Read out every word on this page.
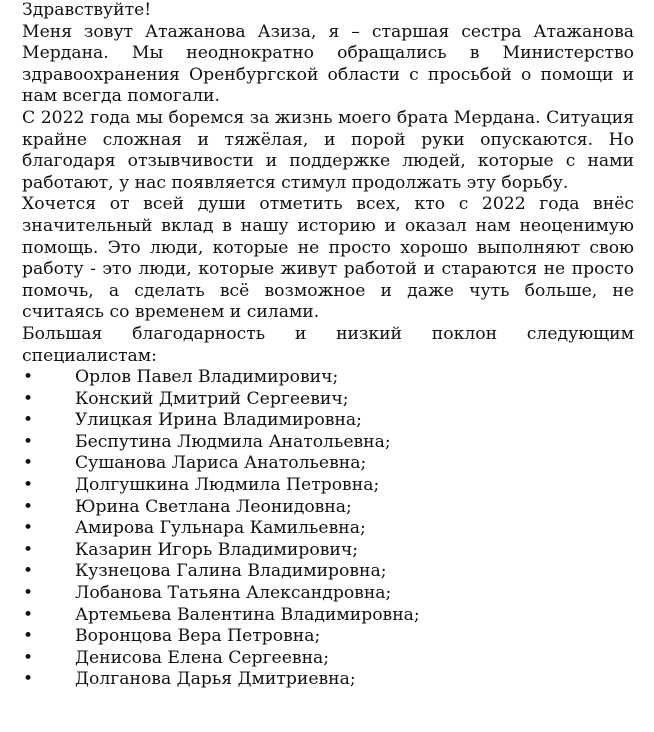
Здравствуйте!

Меня зовут Атажанова Азиза, я – старшая сестра Атажанова Мердана. Мы неоднократно обращались в Министерство здравоохранения Оренбургской области с просьбой о помощи и нам всегда помогали.

С 2022 года мы боремся за жизнь моего брата Мердана. Ситуация крайне сложная и тяжёлая, и порой руки опускаются. Но благодаря отзывчивости и поддержке людей, которые с нами работают, у нас появляется стимул продолжать эту борьбу.

Хочется от всей души отметить всех, кто с 2022 года внёс значительный вклад в нашу историю и оказал нам неоценимую помощь. Это люди, которые не просто хорошо выполняют свою работу - это люди, которые живут работой и стараются не просто помочь, а сделать всё возможное и даже чуть больше, не считаясь со временем и силами.

Большая благодарность и низкий поклон следующим специалистам:

•	Орлов Павел Владимирович;
•	Конский Дмитрий Сергеевич;
•	Улицкая Ирина Владимировна;
•	Беспутина Людмила Анатольевна;
•	Сушанова Лариса Анатольевна;
•	Долгушкина Людмила Петровна;
•	Юрина Светлана Леонидовна;
•	Амирова Гульнара Камильевна;
•	Казарин Игорь Владимирович;
•	Кузнецова Галина Владимировна;
•	Лобанова Татьяна Александровна;
•	Артемьева Валентина Владимировна;
•	Воронцова Вера Петровна;
•	Денисова Елена Сергеевна;
•	Долганова Дарья Дмитриевна;
